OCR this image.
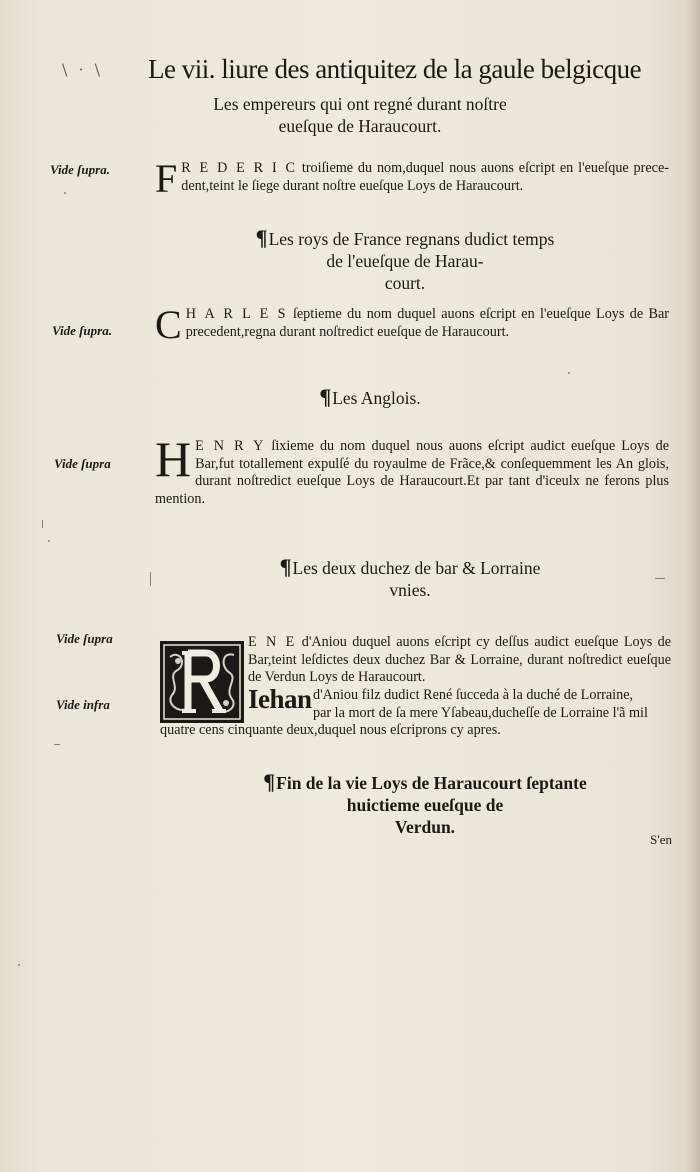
\ · \ Le vii. liure des antiquitez de la gaule belgicque
Les empereurs qui ont regné durant noſtre
eueſque de Haraucourt.
Vide ſupra. F R E D E R I C troiſieme du nom,duquel nous auons eſcript en l'eueſque prece- dent,teint le ſiege durant noſtre eueſque Loys de Haraucourt.
¶Les roys de France regnans dudict temps
de l'eueſque de Harau-
court.
Vide ſupra. C H A R L E S ſeptieme du nom duquel auons eſcript en l'eueſque Loys de Bar precedent,regna durant noſtredict eueſque de Haraucourt.
¶Les Anglois.
Vide ſupra H E N R Y ſixieme du nom duquel nous auons eſcript audict eueſque Loys de Bar,fut totallement expulſé du royaulme de Frãce,& conſequemment les An glois, durant noſtredict eueſque Loys de Haraucourt.Et par tant d'iceulx ne ferons plus mention.
¶Les deux duchez de bar & Lorraine
vnies.
Vide ſupra
Vide infra
E N E d'Aniou duquel auons eſcript cy deſſus audict eueſque Loys de Bar,teint leſdictes deux duchez Bar & Lorraine, durant noſtredict eueſque de Verdun Loys de Haraucourt.
Iehan d'Aniou filz dudict René ſucceda à la duché de Lorraine,
par la mort de ſa mere Yſabeau,ducheſſe de Lorraine l'ã mil
quatre cens cinquante deux,duquel nous eſcriprons cy apres.
¶Fin de la vie Loys de Haraucourt ſeptante
huictieme eueſque de
Verdun.
S'en
